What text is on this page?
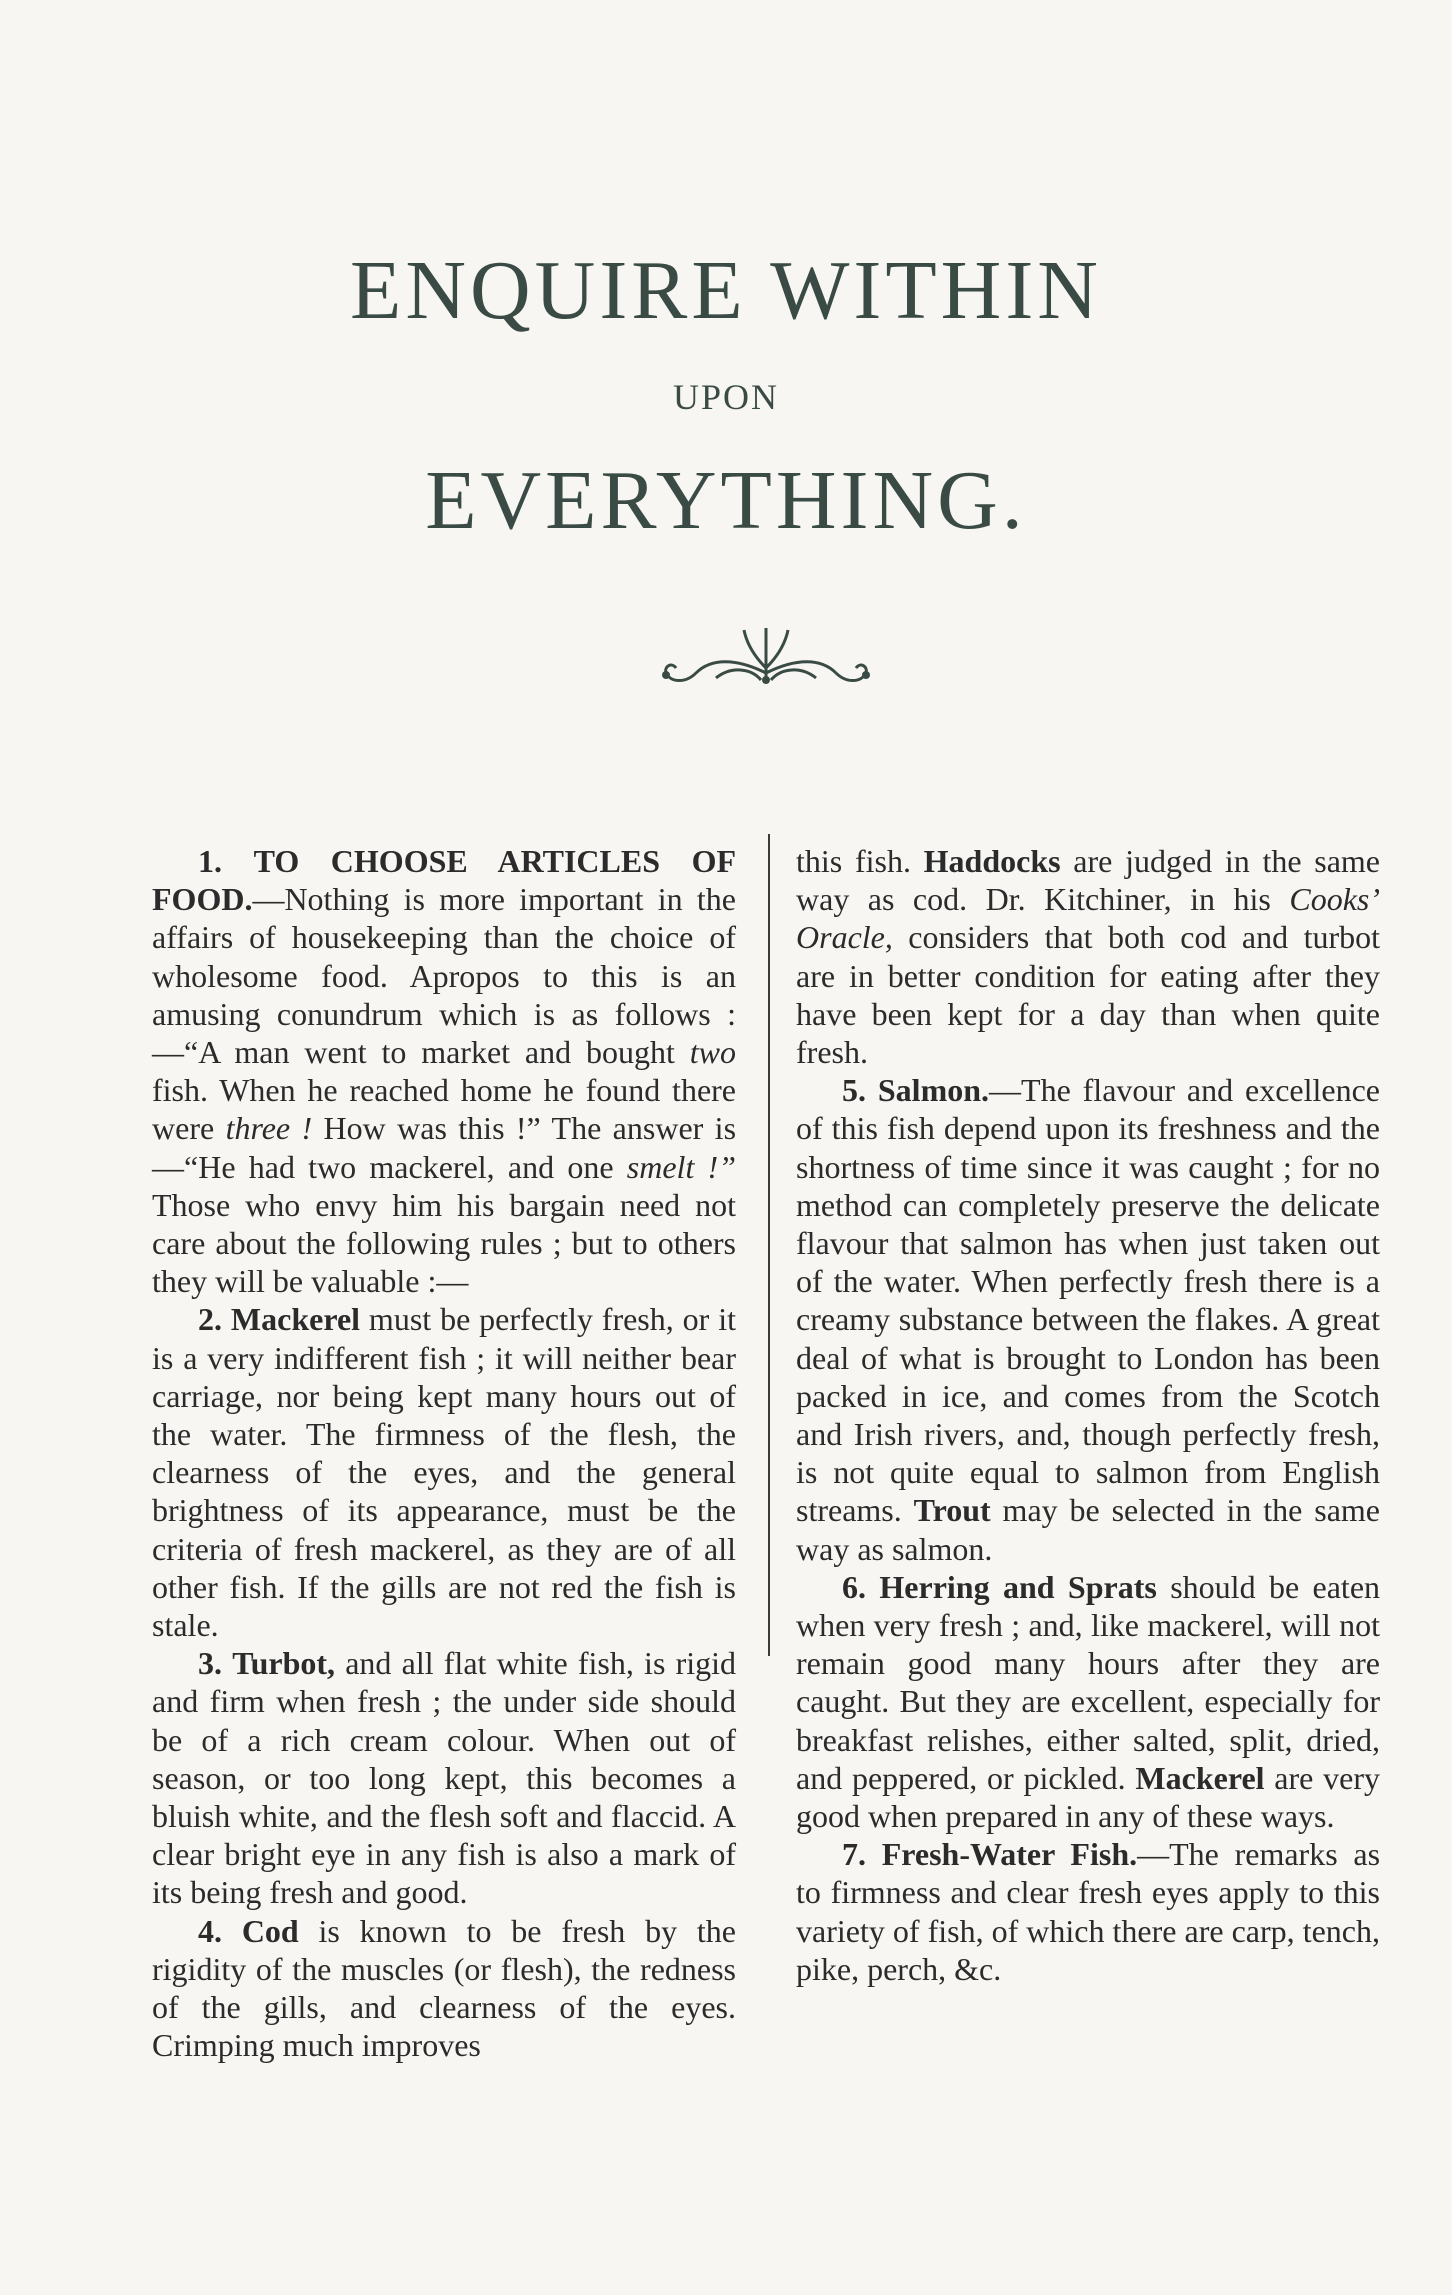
ENQUIRE WITHIN
UPON
EVERYTHING.

1. TO CHOOSE ARTICLES OF FOOD.—Nothing is more important in the affairs of housekeeping than the choice of wholesome food. Apropos to this is an amusing conundrum which is as follows :—“A man went to market and bought two fish. When he reached home he found there were three ! How was this !” The answer is—“He had two mackerel, and one smelt !” Those who envy him his bargain need not care about the following rules ; but to others they will be valuable :—

2. Mackerel must be perfectly fresh, or it is a very indifferent fish ; it will neither bear carriage, nor being kept many hours out of the water. The firmness of the flesh, the clearness of the eyes, and the general brightness of its appearance, must be the criteria of fresh mackerel, as they are of all other fish. If the gills are not red the fish is stale.

3. Turbot, and all flat white fish, is rigid and firm when fresh ; the under side should be of a rich cream colour. When out of season, or too long kept, this becomes a bluish white, and the flesh soft and flaccid. A clear bright eye in any fish is also a mark of its being fresh and good.

4. Cod is known to be fresh by the rigidity of the muscles (or flesh), the redness of the gills, and clearness of the eyes. Crimping much improves

this fish. Haddocks are judged in the same way as cod. Dr. Kitchiner, in his Cooks’ Oracle, considers that both cod and turbot are in better condition for eating after they have been kept for a day than when quite fresh.

5. Salmon.—The flavour and excellence of this fish depend upon its freshness and the shortness of time since it was caught ; for no method can completely preserve the delicate flavour that salmon has when just taken out of the water. When perfectly fresh there is a creamy substance between the flakes. A great deal of what is brought to London has been packed in ice, and comes from the Scotch and Irish rivers, and, though perfectly fresh, is not quite equal to salmon from English streams. Trout may be selected in the same way as salmon.

6. Herring and Sprats should be eaten when very fresh ; and, like mackerel, will not remain good many hours after they are caught. But they are excellent, especially for breakfast relishes, either salted, split, dried, and peppered, or pickled. Mackerel are very good when prepared in any of these ways.

7. Fresh-Water Fish.—The remarks as to firmness and clear fresh eyes apply to this variety of fish, of which there are carp, tench, pike, perch, &c.
